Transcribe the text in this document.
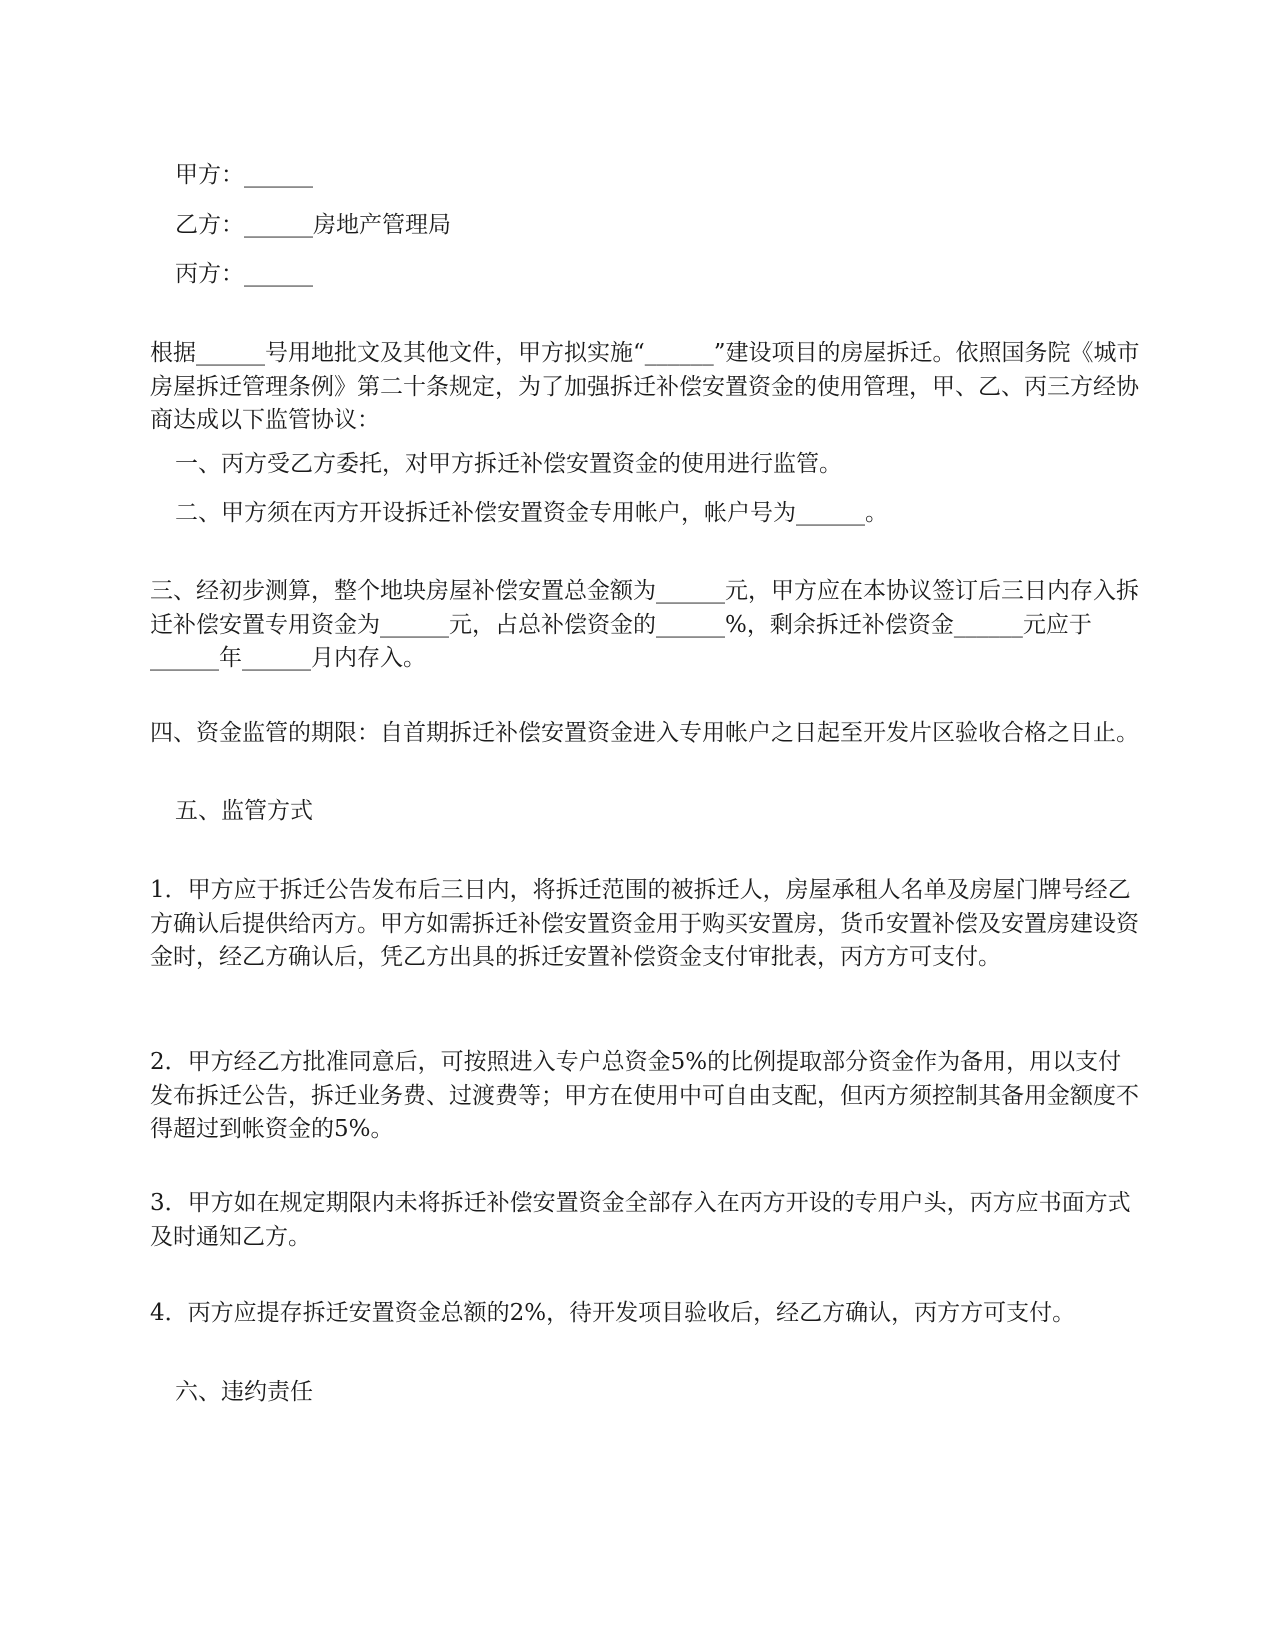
甲方：______

乙方：______房地产管理局

丙方：______

根据______号用地批文及其他文件，甲方拟实施“______”建设项目的房屋拆迁。依照国务院《城市房屋拆迁管理条例》第二十条规定，为了加强拆迁补偿安置资金的使用管理，甲、乙、丙三方经协商达成以下监管协议：

一、丙方受乙方委托，对甲方拆迁补偿安置资金的使用进行监管。

二、甲方须在丙方开设拆迁补偿安置资金专用帐户，帐户号为______。

三、经初步测算，整个地块房屋补偿安置总金额为______元，甲方应在本协议签订后三日内存入拆迁补偿安置专用资金为______元，占总补偿资金的______%，剩余拆迁补偿资金______元应于______年______月内存入。

四、资金监管的期限：自首期拆迁补偿安置资金进入专用帐户之日起至开发片区验收合格之日止。

五、监管方式

1．甲方应于拆迁公告发布后三日内，将拆迁范围的被拆迁人，房屋承租人名单及房屋门牌号经乙方确认后提供给丙方。甲方如需拆迁补偿安置资金用于购买安置房，货币安置补偿及安置房建设资金时，经乙方确认后，凭乙方出具的拆迁安置补偿资金支付审批表，丙方方可支付。

2．甲方经乙方批准同意后，可按照进入专户总资金5%的比例提取部分资金作为备用，用以支付发布拆迁公告，拆迁业务费、过渡费等；甲方在使用中可自由支配，但丙方须控制其备用金额度不得超过到帐资金的5%。

3．甲方如在规定期限内未将拆迁补偿安置资金全部存入在丙方开设的专用户头，丙方应书面方式及时通知乙方。

4．丙方应提存拆迁安置资金总额的2%，待开发项目验收后，经乙方确认，丙方方可支付。

六、违约责任
